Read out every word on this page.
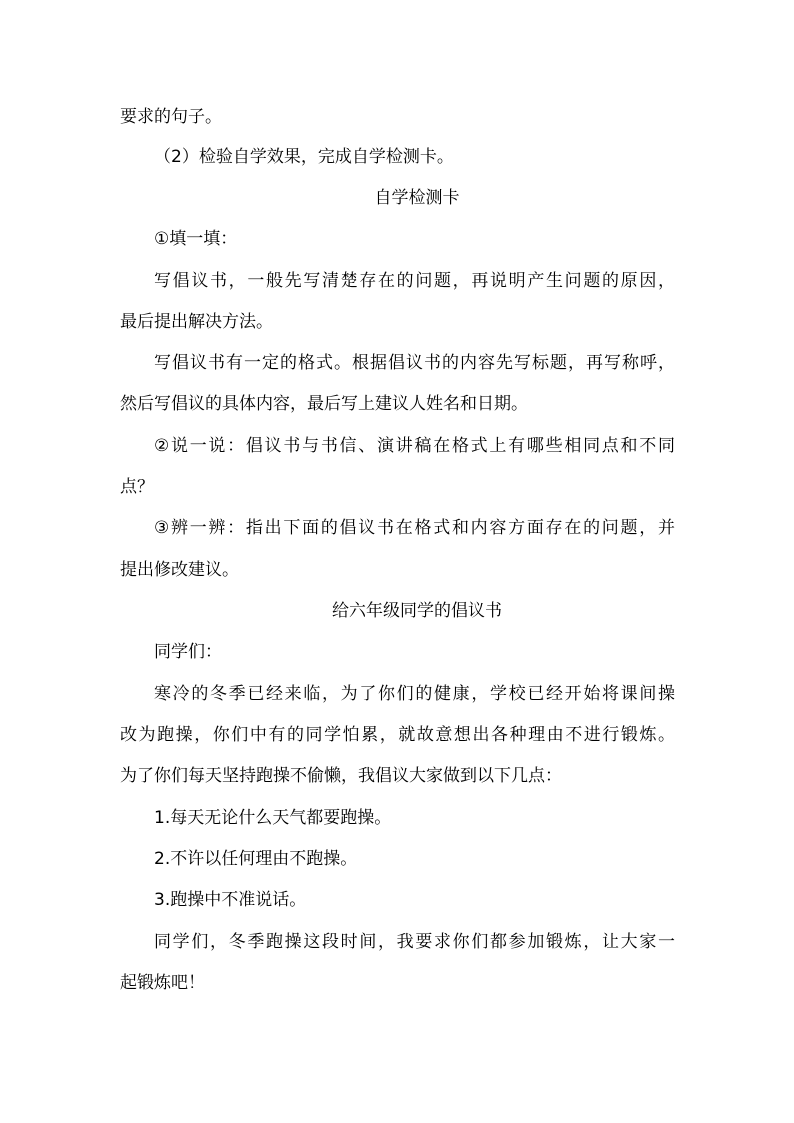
要求的句子。
（2）检验自学效果，完成自学检测卡。
自学检测卡
①填一填：
写倡议书，一般先写清楚存在的问题，再说明产生问题的原因，
最后提出解决方法。
写倡议书有一定的格式。根据倡议书的内容先写标题，再写称呼，
然后写倡议的具体内容，最后写上建议人姓名和日期。
②说一说：倡议书与书信、演讲稿在格式上有哪些相同点和不同
点？
③辨一辨：指出下面的倡议书在格式和内容方面存在的问题，并
提出修改建议。
给六年级同学的倡议书
同学们：
寒冷的冬季已经来临，为了你们的健康，学校已经开始将课间操
改为跑操，你们中有的同学怕累，就故意想出各种理由不进行锻炼。
为了你们每天坚持跑操不偷懒，我倡议大家做到以下几点：
1.每天无论什么天气都要跑操。
2.不许以任何理由不跑操。
3.跑操中不准说话。
同学们，冬季跑操这段时间，我要求你们都参加锻炼，让大家一
起锻炼吧！
